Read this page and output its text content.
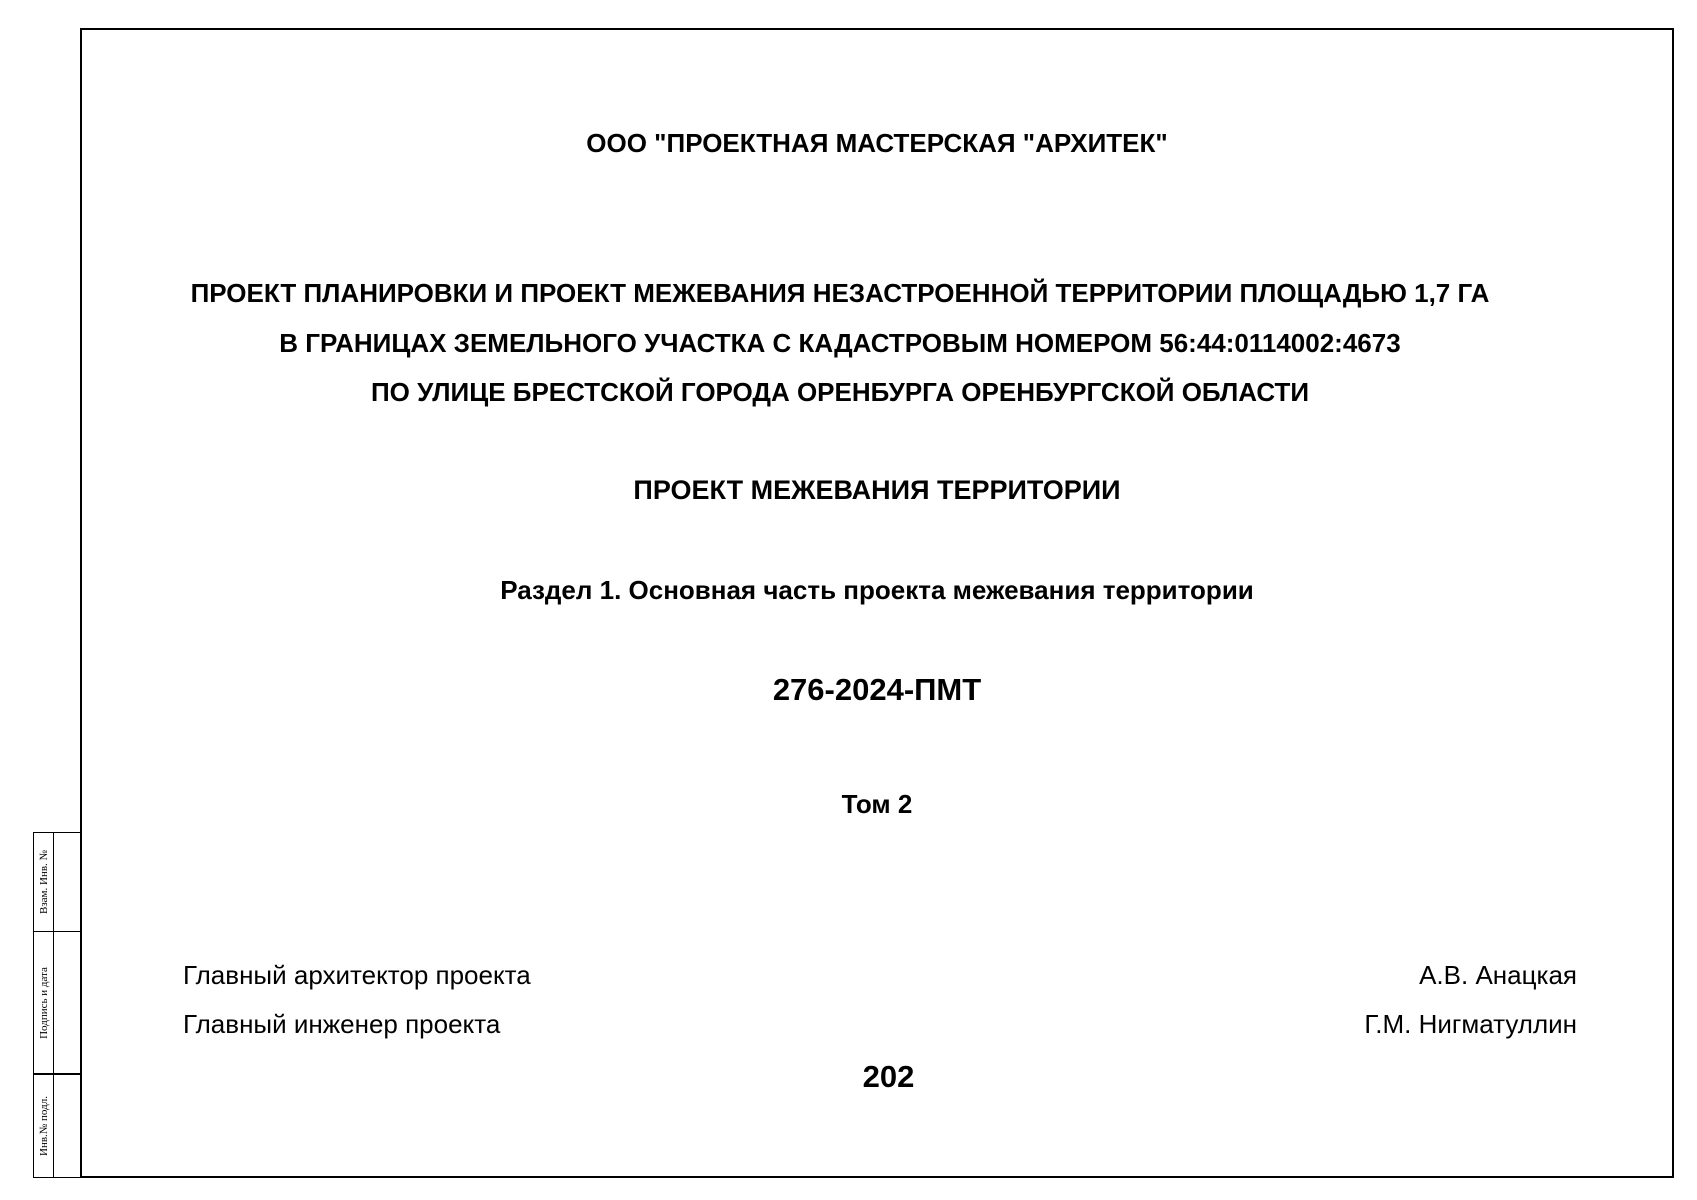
ООО "ПРОЕКТНАЯ МАСТЕРСКАЯ "АРХИТЕК"
ПРОЕКТ ПЛАНИРОВКИ И ПРОЕКТ МЕЖЕВАНИЯ НЕЗАСТРОЕННОЙ ТЕРРИТОРИИ ПЛОЩАДЬЮ 1,7 ГА
В ГРАНИЦАХ ЗЕМЕЛЬНОГО УЧАСТКА С КАДАСТРОВЫМ НОМЕРОМ 56:44:0114002:4673
ПО УЛИЦЕ БРЕСТСКОЙ ГОРОДА ОРЕНБУРГА ОРЕНБУРГСКОЙ ОБЛАСТИ
ПРОЕКТ МЕЖЕВАНИЯ ТЕРРИТОРИИ
Раздел 1. Основная часть проекта межевания территории
276-2024-ПМТ
Том 2
Главный архитектор проекта	А.В. Анацкая
Главный инженер проекта	Г.М. Нигматуллин
202
Взам. Инв. №
Подпись и дата
Инв.№ подл.
